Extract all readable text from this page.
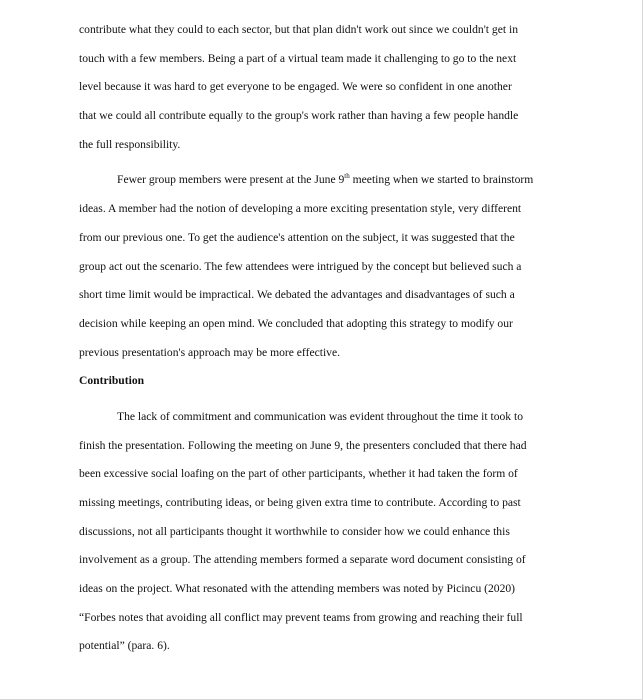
contribute what they could to each sector, but that plan didn't work out since we couldn't get in
touch with a few members. Being a part of a virtual team made it challenging to go to the next
level because it was hard to get everyone to be engaged. We were so confident in one another
that we could all contribute equally to the group's work rather than having a few people handle
the full responsibility.
Fewer group members were present at the June 9th meeting when we started to brainstorm
ideas. A member had the notion of developing a more exciting presentation style, very different
from our previous one. To get the audience's attention on the subject, it was suggested that the
group act out the scenario. The few attendees were intrigued by the concept but believed such a
short time limit would be impractical. We debated the advantages and disadvantages of such a
decision while keeping an open mind. We concluded that adopting this strategy to modify our
previous presentation's approach may be more effective.
Contribution
The lack of commitment and communication was evident throughout the time it took to
finish the presentation. Following the meeting on June 9, the presenters concluded that there had
been excessive social loafing on the part of other participants, whether it had taken the form of
missing meetings, contributing ideas, or being given extra time to contribute. According to past
discussions, not all participants thought it worthwhile to consider how we could enhance this
involvement as a group. The attending members formed a separate word document consisting of
ideas on the project. What resonated with the attending members was noted by Picincu (2020)
“Forbes notes that avoiding all conflict may prevent teams from growing and reaching their full
potential” (para. 6).
